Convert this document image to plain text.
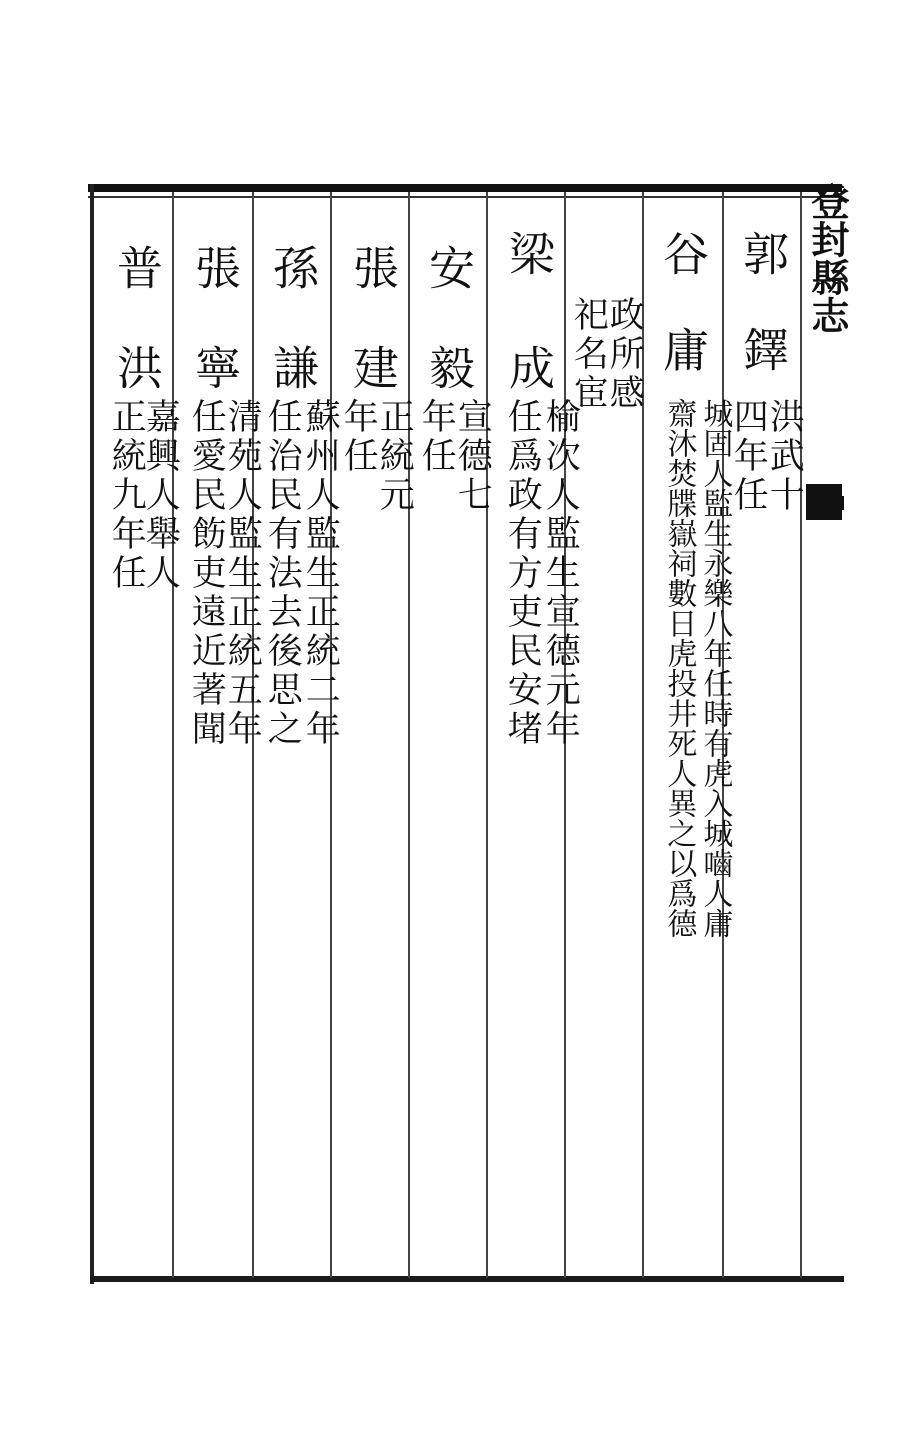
登封縣志
郭
鐸
洪武十
四年任
谷
庸
城固人監生永樂八年任時有虎入城嚙人庸
齋沐焚牒嶽祠數日虎投井死人異之以爲德
政所感
祀名宦
梁
成
榆次人監生宣德元年
任爲政有方吏民安堵
安
毅
宣德七
年任
張
建
正統元
年任
孫
謙
蘇州人監生正統二年
任治民有法去後思之
張
寧
清苑人監生正統五年
任愛民飭吏遠近著聞
普
洪
嘉興人舉人
正統九年任
